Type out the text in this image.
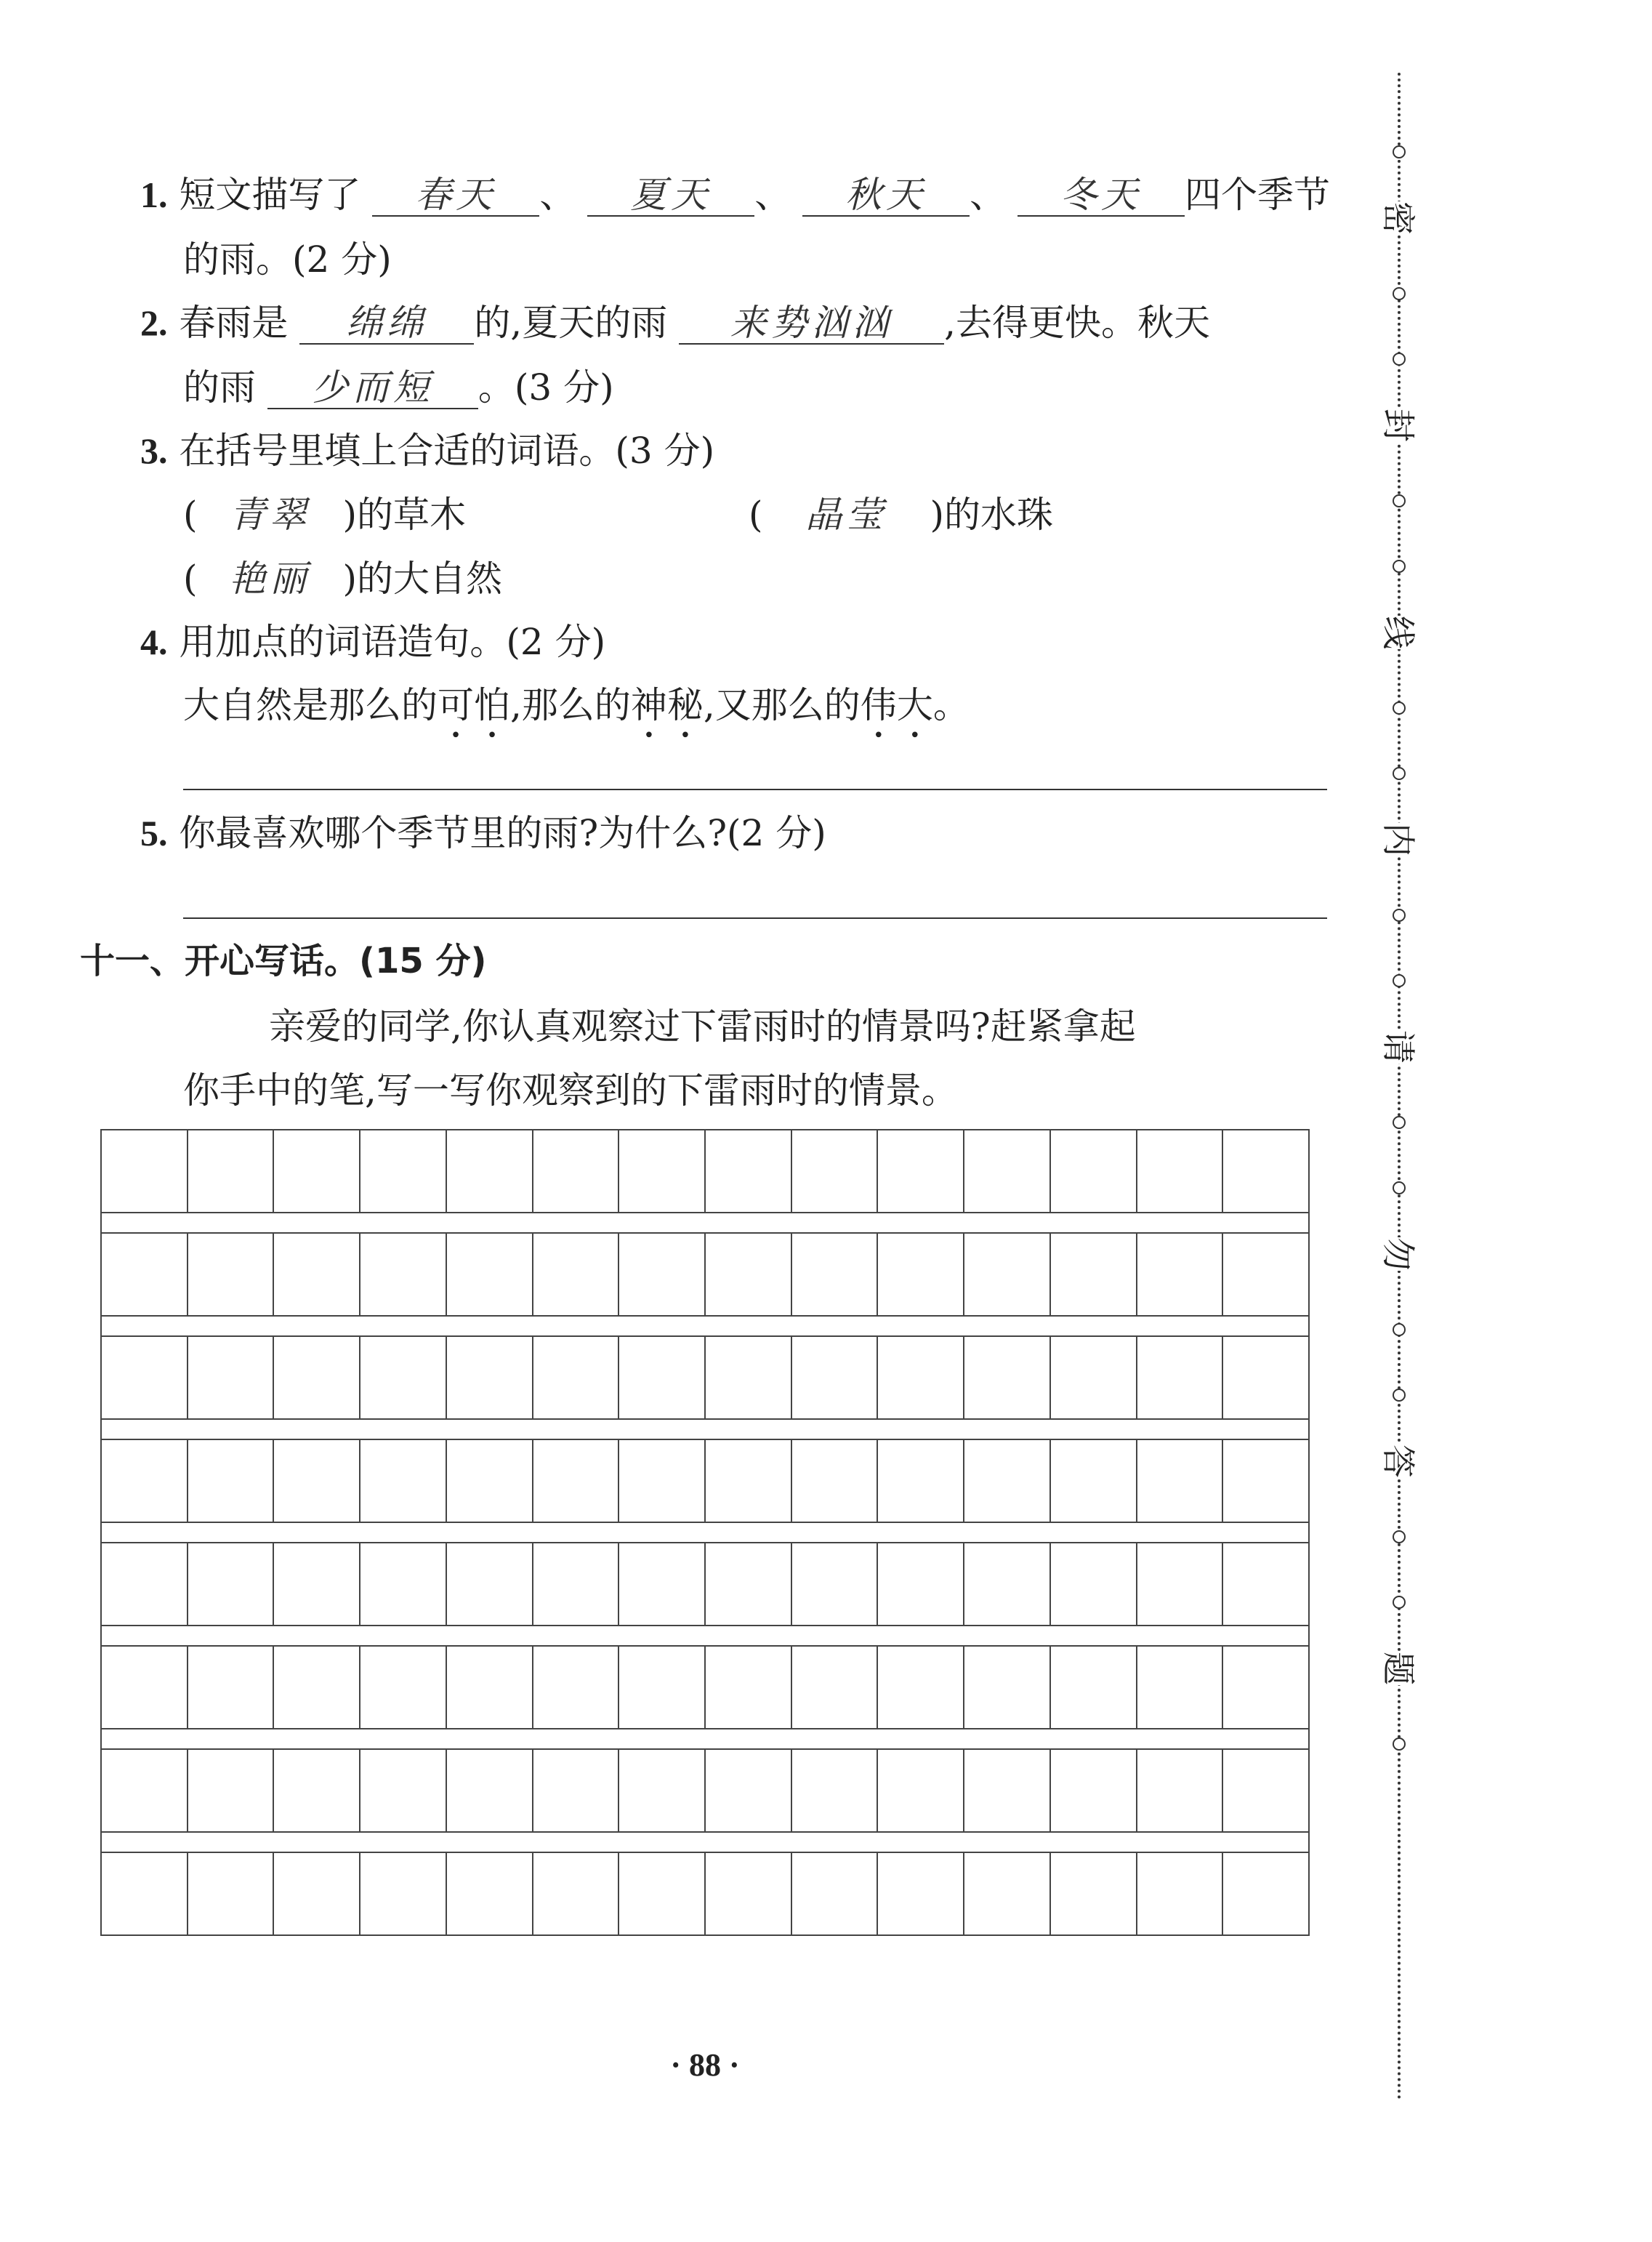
1. 短文描写了 春天 、 夏天 、 秋天 、 冬天 四个季节
的雨。(2 分)
2. 春雨是 绵绵 的,夏天的雨 来势汹汹 ,去得更快。秋天
的雨 少而短 。(3 分)
3. 在括号里填上合适的词语。(3 分)
( 青翠 )的草木	( 晶莹 )的水珠
( 艳丽 )的大自然
4. 用加点的词语造句。(2 分)
大自然是那么的可怕,那么的神秘,又那么的伟大。
5. 你最喜欢哪个季节里的雨?为什么?(2 分)
十一、开心写话。(15 分)
亲爱的同学,你认真观察过下雷雨时的情景吗?赶紧拿起
你手中的笔,写一写你观察到的下雷雨时的情景。
密
封
线
内
请
勿
答
题
· 88 ·
